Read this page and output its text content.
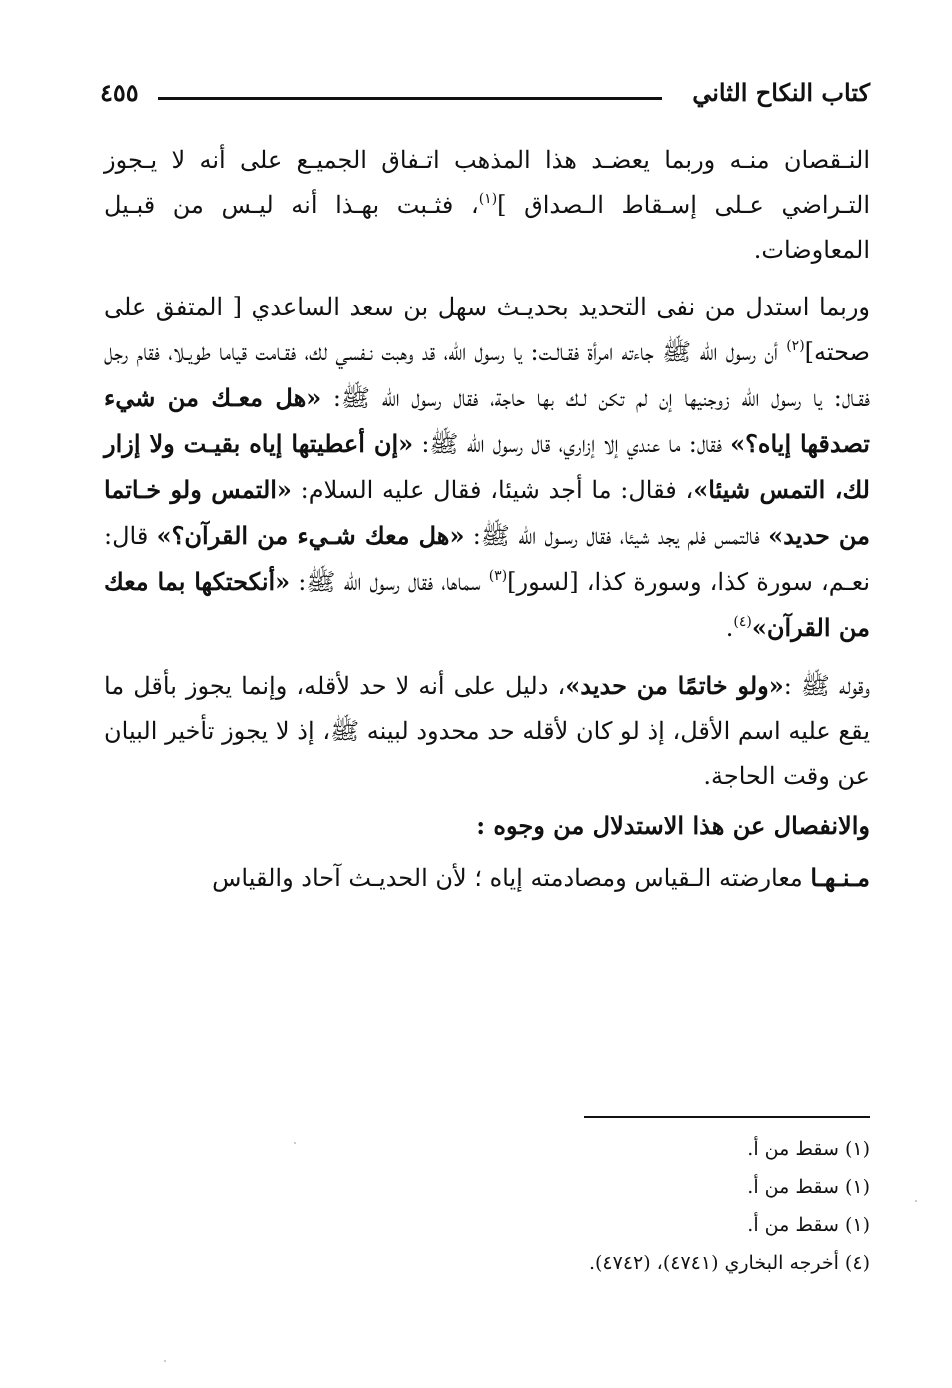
كتاب النكاح الثاني
٤٥٥

النـقصان منـه وربما يعضـد هذا المذهب اتـفاق الجميـع على أنه لا يـجوز التـراضي عـلى إسـقاط الـصداق ]$^{(١)}$، فثـبت بهـذا أنه ليـس من قبـيل المعاوضات.

وربما استدل من نفى التحديد بحديـث سهل بن سعد الساعدي [ المتفق على صحته]$^{(٢)}$ أن رسول الله ﷺ جاءته امرأة فقـالـت: يا رسول الله، قد وهبت نـفسي لك، فقـامت قياما طويـلا، فقام رجل فقـال: يا رسول الله زوجنيها إن لم تكن لـك بها حاجة، فقال رسول الله ﷺ: «هل معـك من شيء تصدقها إياه؟» فقال: ما عندي إلا إزاري، قال رسول الله ﷺ: «إن أعطيتها إياه بقيـت ولا إزار لك، التمس شيئا»، فقال: ما أجد شيئا، فقال عليه السلام: «التمس ولو خـاتما من حديد» فالتمس فلم يجد شيئا، فقال رسـول الله ﷺ: «هل معك شـيء من القرآن؟» قال: نعـم، سورة كذا، وسورة كذا، [لسور]$^{(٣)}$ سماها، فقال رسول الله ﷺ: «أنكحتكها بما معك من القرآن»$^{(٤)}$.

وقوله ﷺ :«ولو خاتمًا من حديد»، دليل على أنه لا حد لأقله، وإنما يجوز بأقل ما يقع عليه اسم الأقل، إذ لو كان لأقله حد محدود لبينه ﷺ، إذ لا يجوز تأخير البيان عن وقت الحاجة.

والانفصال عن هذا الاستدلال من وجوه :

مـنـهـا معارضته الـقياس ومصادمته إياه ؛ لأن الحديـث آحاد والقياس

(١) سقط من أ.

(١) سقط من أ.

(١) سقط من أ.

(٤) أخرجه البخاري (٤٧٤١)، (٤٧٤٢).
